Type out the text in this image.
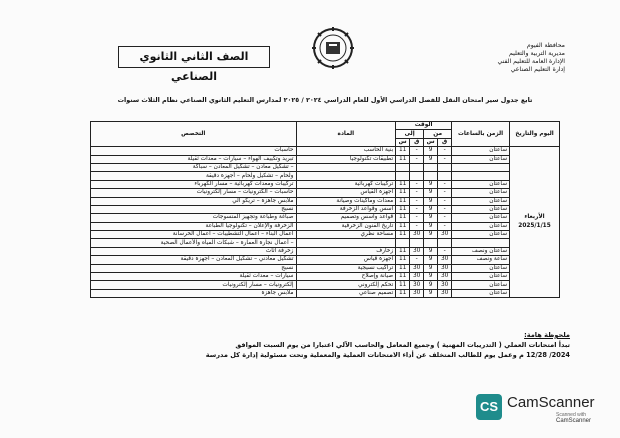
محافظة الفيوم
مديرية التربية والتعليم
الإدارة العامة للتعليم الفني
إدارة التعليم الصناعي
الصف الثاني الثانوي الصناعي
تابع جدول سير امتحان النقل للفصل الدراسي الأول للعام الدراسي ٢٠٢٤ / ٢٠٢٥ لمدارس التعليم الثانوي الصناعي نظام الثلاث سنوات
اليوم والتاريخ	الزمن بالساعات	الوقت				المادة	التخصص
		من		إلى			
		ق	س	ق	س		

الأربعاء
2025/1/15	ساعتان	-	9	-	11	بنية الحاسب	حاسبات
	ساعتان	-	9	-	11	تطبيقات تكنولوجيا	تبريد وتكييف الهواء – سيارات – معدات ثقيلة
							– تشكيل معادن – تشكيل المعادن – سباكة
							ولحام – تشكيل ولحام – أجهزة دقيقة
	ساعتان	-	9	-	11	تركيبات كهربائية	تركيبات ومعدات كهربائية – مسار الكهرباء
	ساعتان	-	9	-	11	أجهزة القياس	حاسبات – الكترونيات – مسار إلكترونيات
	ساعتان	-	9	-	11	معدات وماكينات وصيانة	ملابس جاهزة – تريكو آلي
	ساعتان	-	9	-	11	أسس وقواعد الزخرفة	نسيج
	ساعتان	-	9	-	11	قواعد وأسس وتصميم	صباغة وطباعة وتجهيز المنسوجات
	ساعتان	-	9	-	11	تاريخ الفنون الزخرفية	الزخرفة والإعلان – تكنولوجيا الطباعة
	ساعتان	30	9	30	11	مساحة نظري	أعمال البناء – أعمال التشطيبات – أعمال الخرسانة
							– أعمال نجارة العمارة – شبكات المياه والأعمال الصحية
	ساعتان ونصف	-	9	30	11	زخارف	زخرفة أثاث
	ساعة ونصف	30	9	-	11	أجهزة قياس	تشكيل معادني – تشكيل المعادن – أجهزة دقيقة
	ساعتان	30	9	30	11	تراكيب نسيجية	نسيج
	ساعتان	30	9	30	11	صيانة وإصلاح	سيارات – معدات ثقيلة
	ساعتان	30	9	30	11	تحكم إلكتروني	إلكترونيات – مسار إلكترونيات
	ساعتان	30	9	30	11	تصميم صناعي	ملابس جاهزة
ملحوظة هامة:
تبدأ امتحانات العملي ( التدريبات المهنية ) وجميع المعامل والحاسب الآلي اعتبارا من يوم السبت الموافق
2024/ 12/28 م وعمل يوم للطالب المتخلف عن أداء الامتحانات العملية والمعملية وتحت مسئولية إدارة كل مدرسة
CS CamScanner
Scanned with
CamScanner
